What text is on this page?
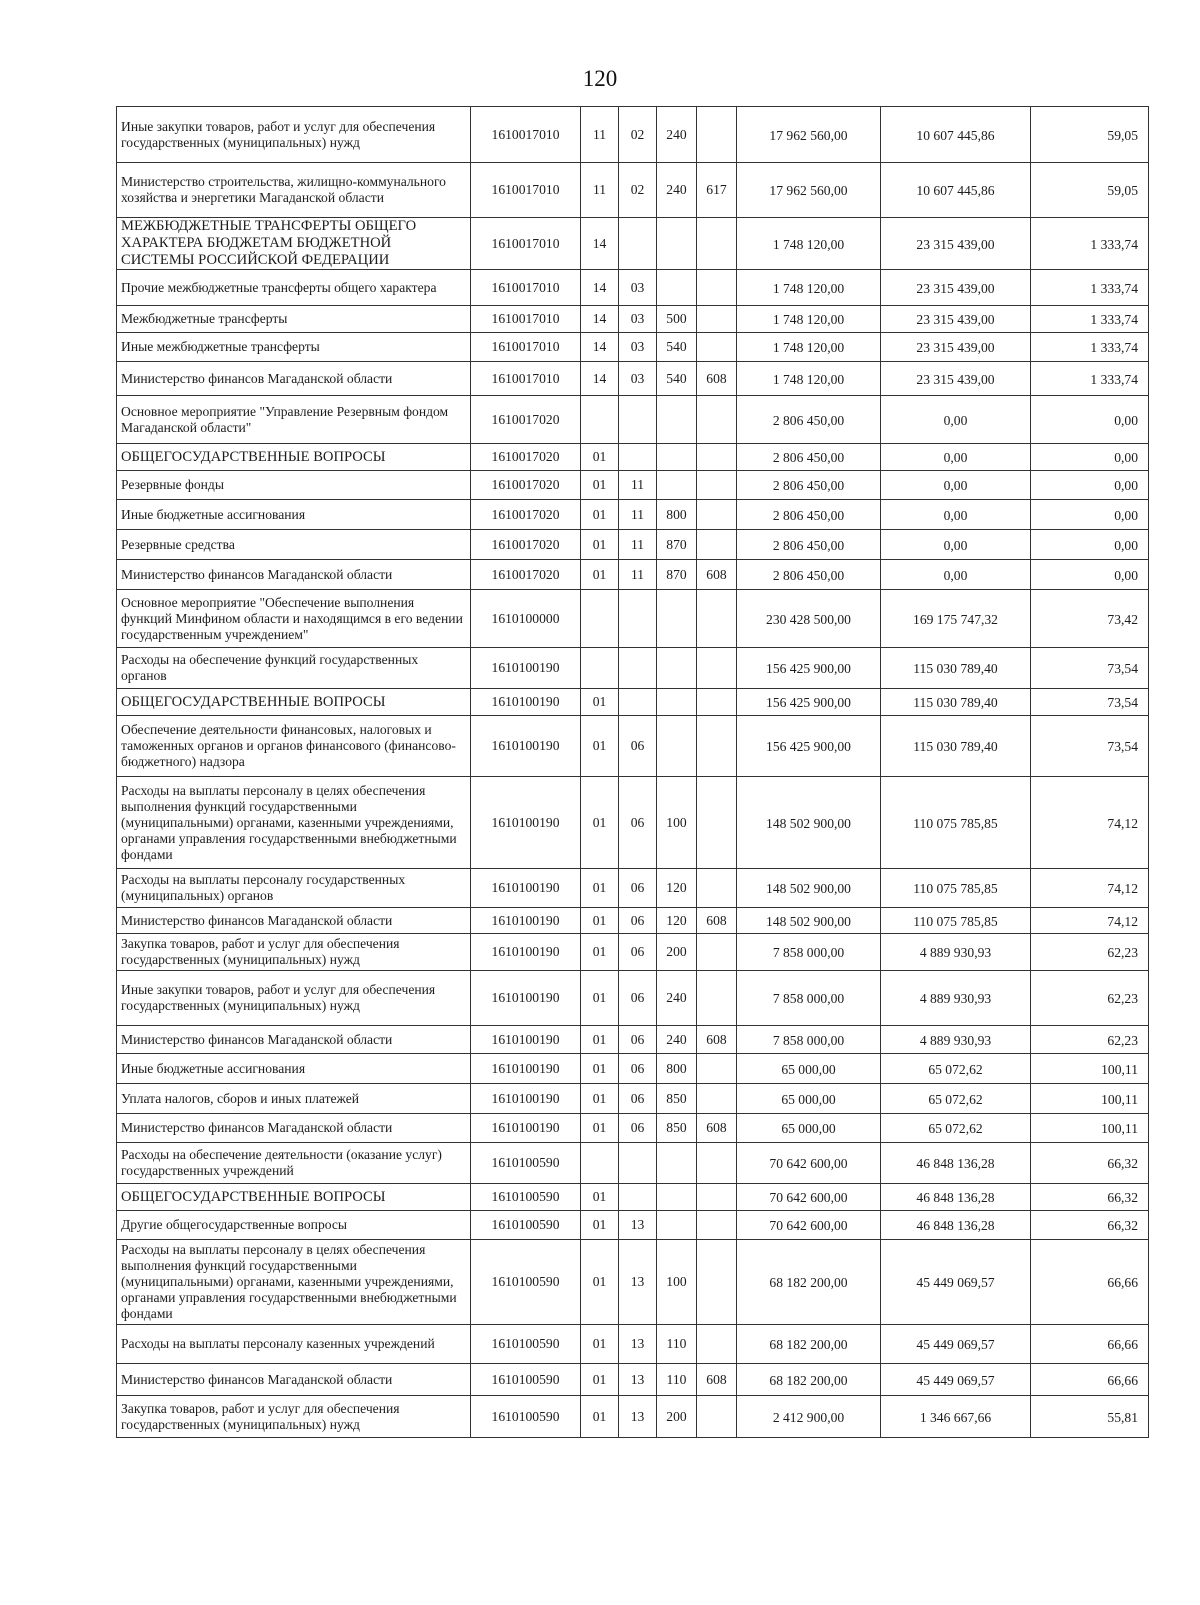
120
Иные закупки товаров, работ и услуг для обеспечения государственных (муниципальных) нужд	1610017010	11	02	240		17 962 560,00	10 607 445,86	59,05
Министерство строительства, жилищно-коммунального хозяйства и энергетики Магаданской области	1610017010	11	02	240	617	17 962 560,00	10 607 445,86	59,05
МЕЖБЮДЖЕТНЫЕ ТРАНСФЕРТЫ ОБЩЕГО ХАРАКТЕРА БЮДЖЕТАМ БЮДЖЕТНОЙ СИСТЕМЫ РОССИЙСКОЙ ФЕДЕРАЦИИ	1610017010	14				1 748 120,00	23 315 439,00	1 333,74
Прочие межбюджетные трансферты общего характера	1610017010	14	03			1 748 120,00	23 315 439,00	1 333,74
Межбюджетные трансферты	1610017010	14	03	500		1 748 120,00	23 315 439,00	1 333,74
Иные межбюджетные трансферты	1610017010	14	03	540		1 748 120,00	23 315 439,00	1 333,74
Министерство финансов Магаданской области	1610017010	14	03	540	608	1 748 120,00	23 315 439,00	1 333,74
Основное мероприятие "Управление Резервным фондом Магаданской области"	1610017020					2 806 450,00	0,00	0,00
ОБЩЕГОСУДАРСТВЕННЫЕ ВОПРОСЫ	1610017020	01				2 806 450,00	0,00	0,00
Резервные фонды	1610017020	01	11			2 806 450,00	0,00	0,00
Иные бюджетные ассигнования	1610017020	01	11	800		2 806 450,00	0,00	0,00
Резервные средства	1610017020	01	11	870		2 806 450,00	0,00	0,00
Министерство финансов Магаданской области	1610017020	01	11	870	608	2 806 450,00	0,00	0,00
Основное мероприятие "Обеспечение выполнения функций Минфином области и находящимся в его ведении государственным учреждением"	1610100000					230 428 500,00	169 175 747,32	73,42
Расходы на обеспечение функций государственных органов	1610100190					156 425 900,00	115 030 789,40	73,54
ОБЩЕГОСУДАРСТВЕННЫЕ ВОПРОСЫ	1610100190	01				156 425 900,00	115 030 789,40	73,54
Обеспечение деятельности финансовых, налоговых и таможенных органов и органов финансового (финансово-бюджетного) надзора	1610100190	01	06			156 425 900,00	115 030 789,40	73,54
Расходы на выплаты персоналу в целях обеспечения выполнения функций государственными (муниципальными) органами, казенными учреждениями, органами управления государственными внебюджетными фондами	1610100190	01	06	100		148 502 900,00	110 075 785,85	74,12
Расходы на выплаты персоналу государственных (муниципальных) органов	1610100190	01	06	120		148 502 900,00	110 075 785,85	74,12
Министерство финансов Магаданской области	1610100190	01	06	120	608	148 502 900,00	110 075 785,85	74,12
Закупка товаров, работ и услуг для обеспечения государственных (муниципальных) нужд	1610100190	01	06	200		7 858 000,00	4 889 930,93	62,23
Иные закупки товаров, работ и услуг для обеспечения государственных (муниципальных) нужд	1610100190	01	06	240		7 858 000,00	4 889 930,93	62,23
Министерство финансов Магаданской области	1610100190	01	06	240	608	7 858 000,00	4 889 930,93	62,23
Иные бюджетные ассигнования	1610100190	01	06	800		65 000,00	65 072,62	100,11
Уплата налогов, сборов и иных платежей	1610100190	01	06	850		65 000,00	65 072,62	100,11
Министерство финансов Магаданской области	1610100190	01	06	850	608	65 000,00	65 072,62	100,11
Расходы на обеспечение деятельности (оказание услуг) государственных учреждений	1610100590					70 642 600,00	46 848 136,28	66,32
ОБЩЕГОСУДАРСТВЕННЫЕ ВОПРОСЫ	1610100590	01				70 642 600,00	46 848 136,28	66,32
Другие общегосударственные вопросы	1610100590	01	13			70 642 600,00	46 848 136,28	66,32
Расходы на выплаты персоналу в целях обеспечения выполнения функций государственными (муниципальными) органами, казенными учреждениями, органами управления государственными внебюджетными фондами	1610100590	01	13	100		68 182 200,00	45 449 069,57	66,66
Расходы на выплаты персоналу казенных учреждений	1610100590	01	13	110		68 182 200,00	45 449 069,57	66,66
Министерство финансов Магаданской области	1610100590	01	13	110	608	68 182 200,00	45 449 069,57	66,66
Закупка товаров, работ и услуг для обеспечения государственных (муниципальных) нужд	1610100590	01	13	200		2 412 900,00	1 346 667,66	55,81
